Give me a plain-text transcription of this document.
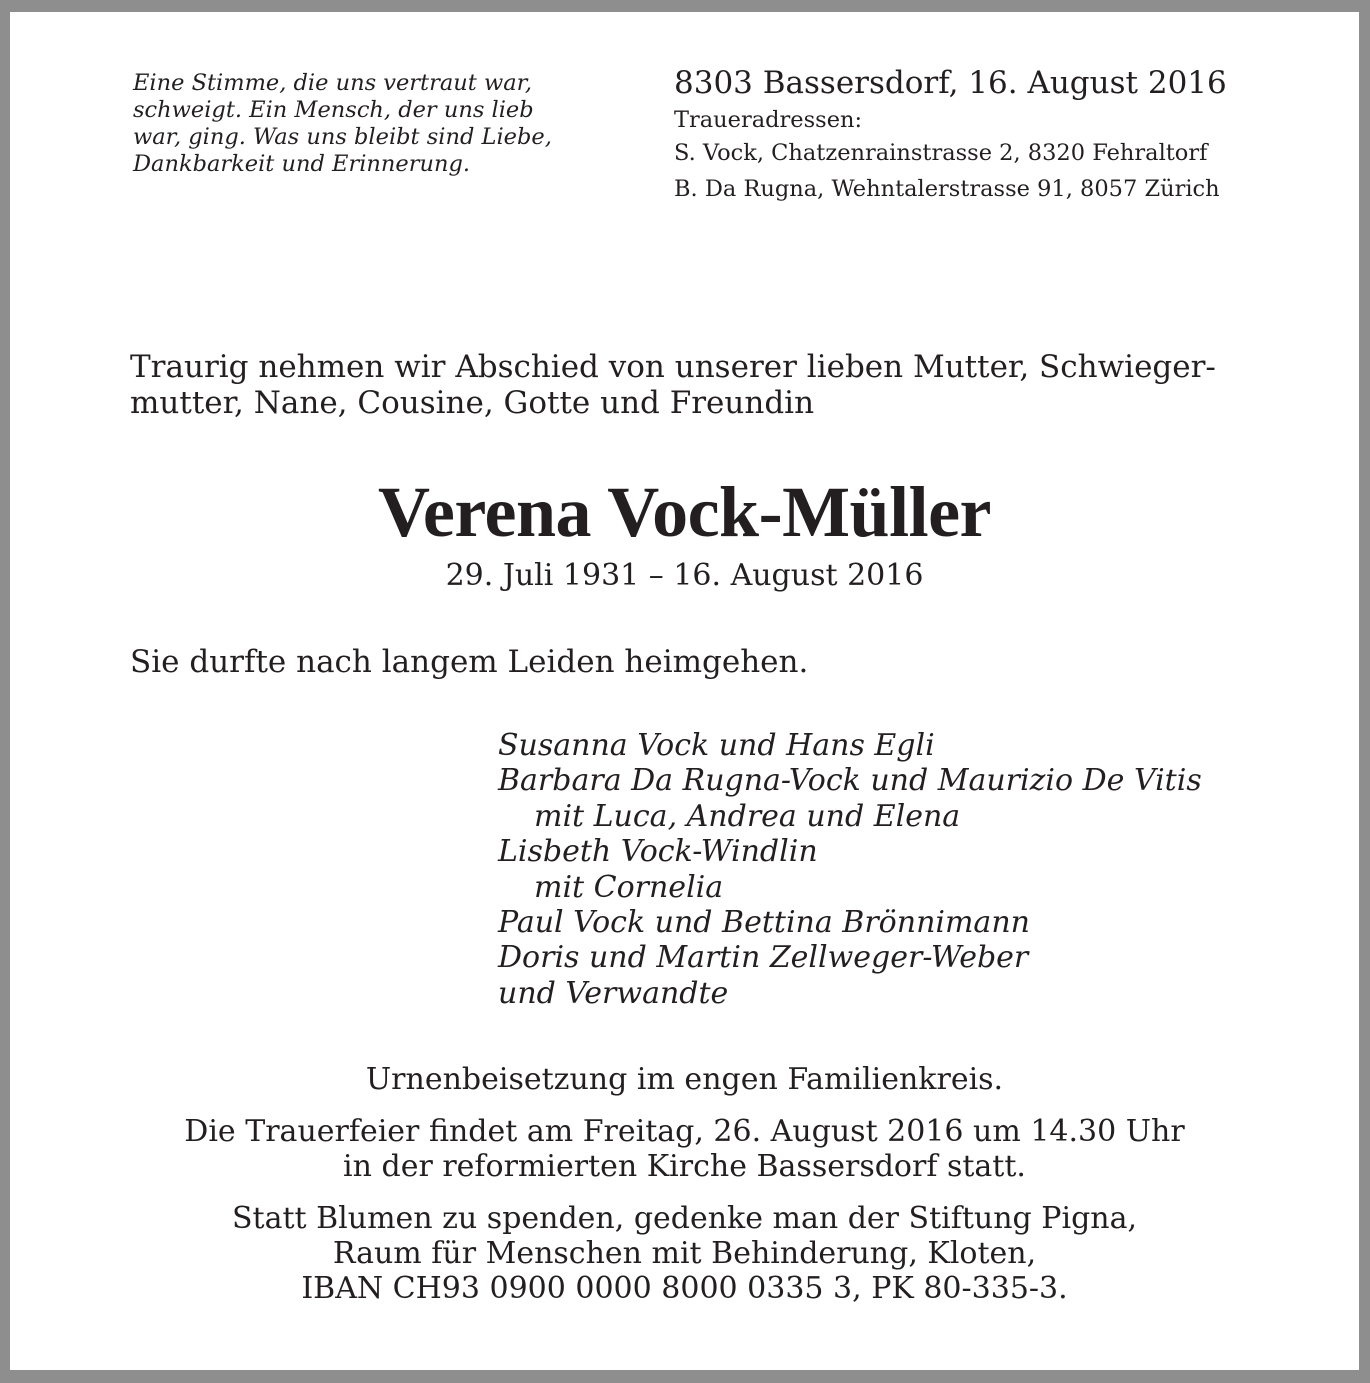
Eine Stimme, die uns vertraut war,
schweigt. Ein Mensch, der uns lieb
war, ging. Was uns bleibt sind Liebe,
Dankbarkeit und Erinnerung.
8303 Bassersdorf, 16. August 2016
Traueradressen:
S. Vock, Chatzenrainstrasse 2, 8320 Fehraltorf
B. Da Rugna, Wehntalerstrasse 91, 8057 Zürich
Traurig nehmen wir Abschied von unserer lieben Mutter, Schwieger-
mutter, Nane, Cousine, Gotte und Freundin
Verena Vock-Müller
29. Juli 1931 – 16. August 2016
Sie durfte nach langem Leiden heimgehen.
Susanna Vock und Hans Egli
Barbara Da Rugna-Vock und Maurizio De Vitis
mit Luca, Andrea und Elena
Lisbeth Vock-Windlin
mit Cornelia
Paul Vock und Bettina Brönnimann
Doris und Martin Zellweger-Weber
und Verwandte
Urnenbeisetzung im engen Familienkreis.
Die Trauerfeier findet am Freitag, 26. August 2016 um 14.30 Uhr
in der reformierten Kirche Bassersdorf statt.
Statt Blumen zu spenden, gedenke man der Stiftung Pigna,
Raum für Menschen mit Behinderung, Kloten,
IBAN CH93 0900 0000 8000 0335 3, PK 80-335-3.
